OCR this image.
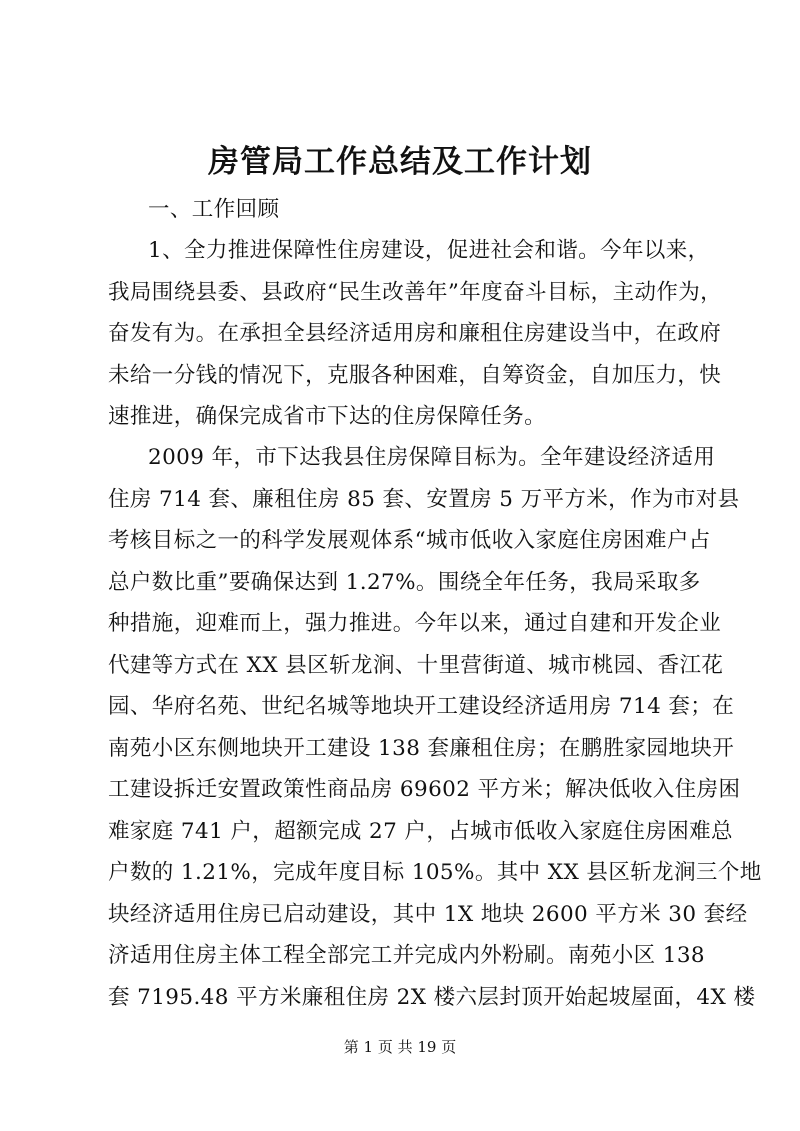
房管局工作总结及工作计划
一、工作回顾
1、全力推进保障性住房建设，促进社会和谐。今年以来，
我局围绕县委、县政府“民生改善年”年度奋斗目标，主动作为，
奋发有为。在承担全县经济适用房和廉租住房建设当中，在政府
未给一分钱的情况下，克服各种困难，自筹资金，自加压力，快
速推进，确保完成省市下达的住房保障任务。
2009 年，市下达我县住房保障目标为。全年建设经济适用
住房 714 套、廉租住房 85 套、安置房 5 万平方米，作为市对县
考核目标之一的科学发展观体系“城市低收入家庭住房困难户占
总户数比重”要确保达到 1.27%。围绕全年任务，我局采取多
种措施，迎难而上，强力推进。今年以来，通过自建和开发企业
代建等方式在 XX 县区斩龙涧、十里营街道、城市桃园、香江花
园、华府名苑、世纪名城等地块开工建设经济适用房 714 套；在
南苑小区东侧地块开工建设 138 套廉租住房；在鹏胜家园地块开
工建设拆迁安置政策性商品房 69602 平方米；解决低收入住房困
难家庭 741 户，超额完成 27 户，占城市低收入家庭住房困难总
户数的 1.21%，完成年度目标 105%。其中 XX 县区斩龙涧三个地
块经济适用住房已启动建设，其中 1X 地块 2600 平方米 30 套经
济适用住房主体工程全部完工并完成内外粉刷。南苑小区 138
套 7195.48 平方米廉租住房 2X 楼六层封顶开始起坡屋面，4X 楼
第 1 页 共 19 页
